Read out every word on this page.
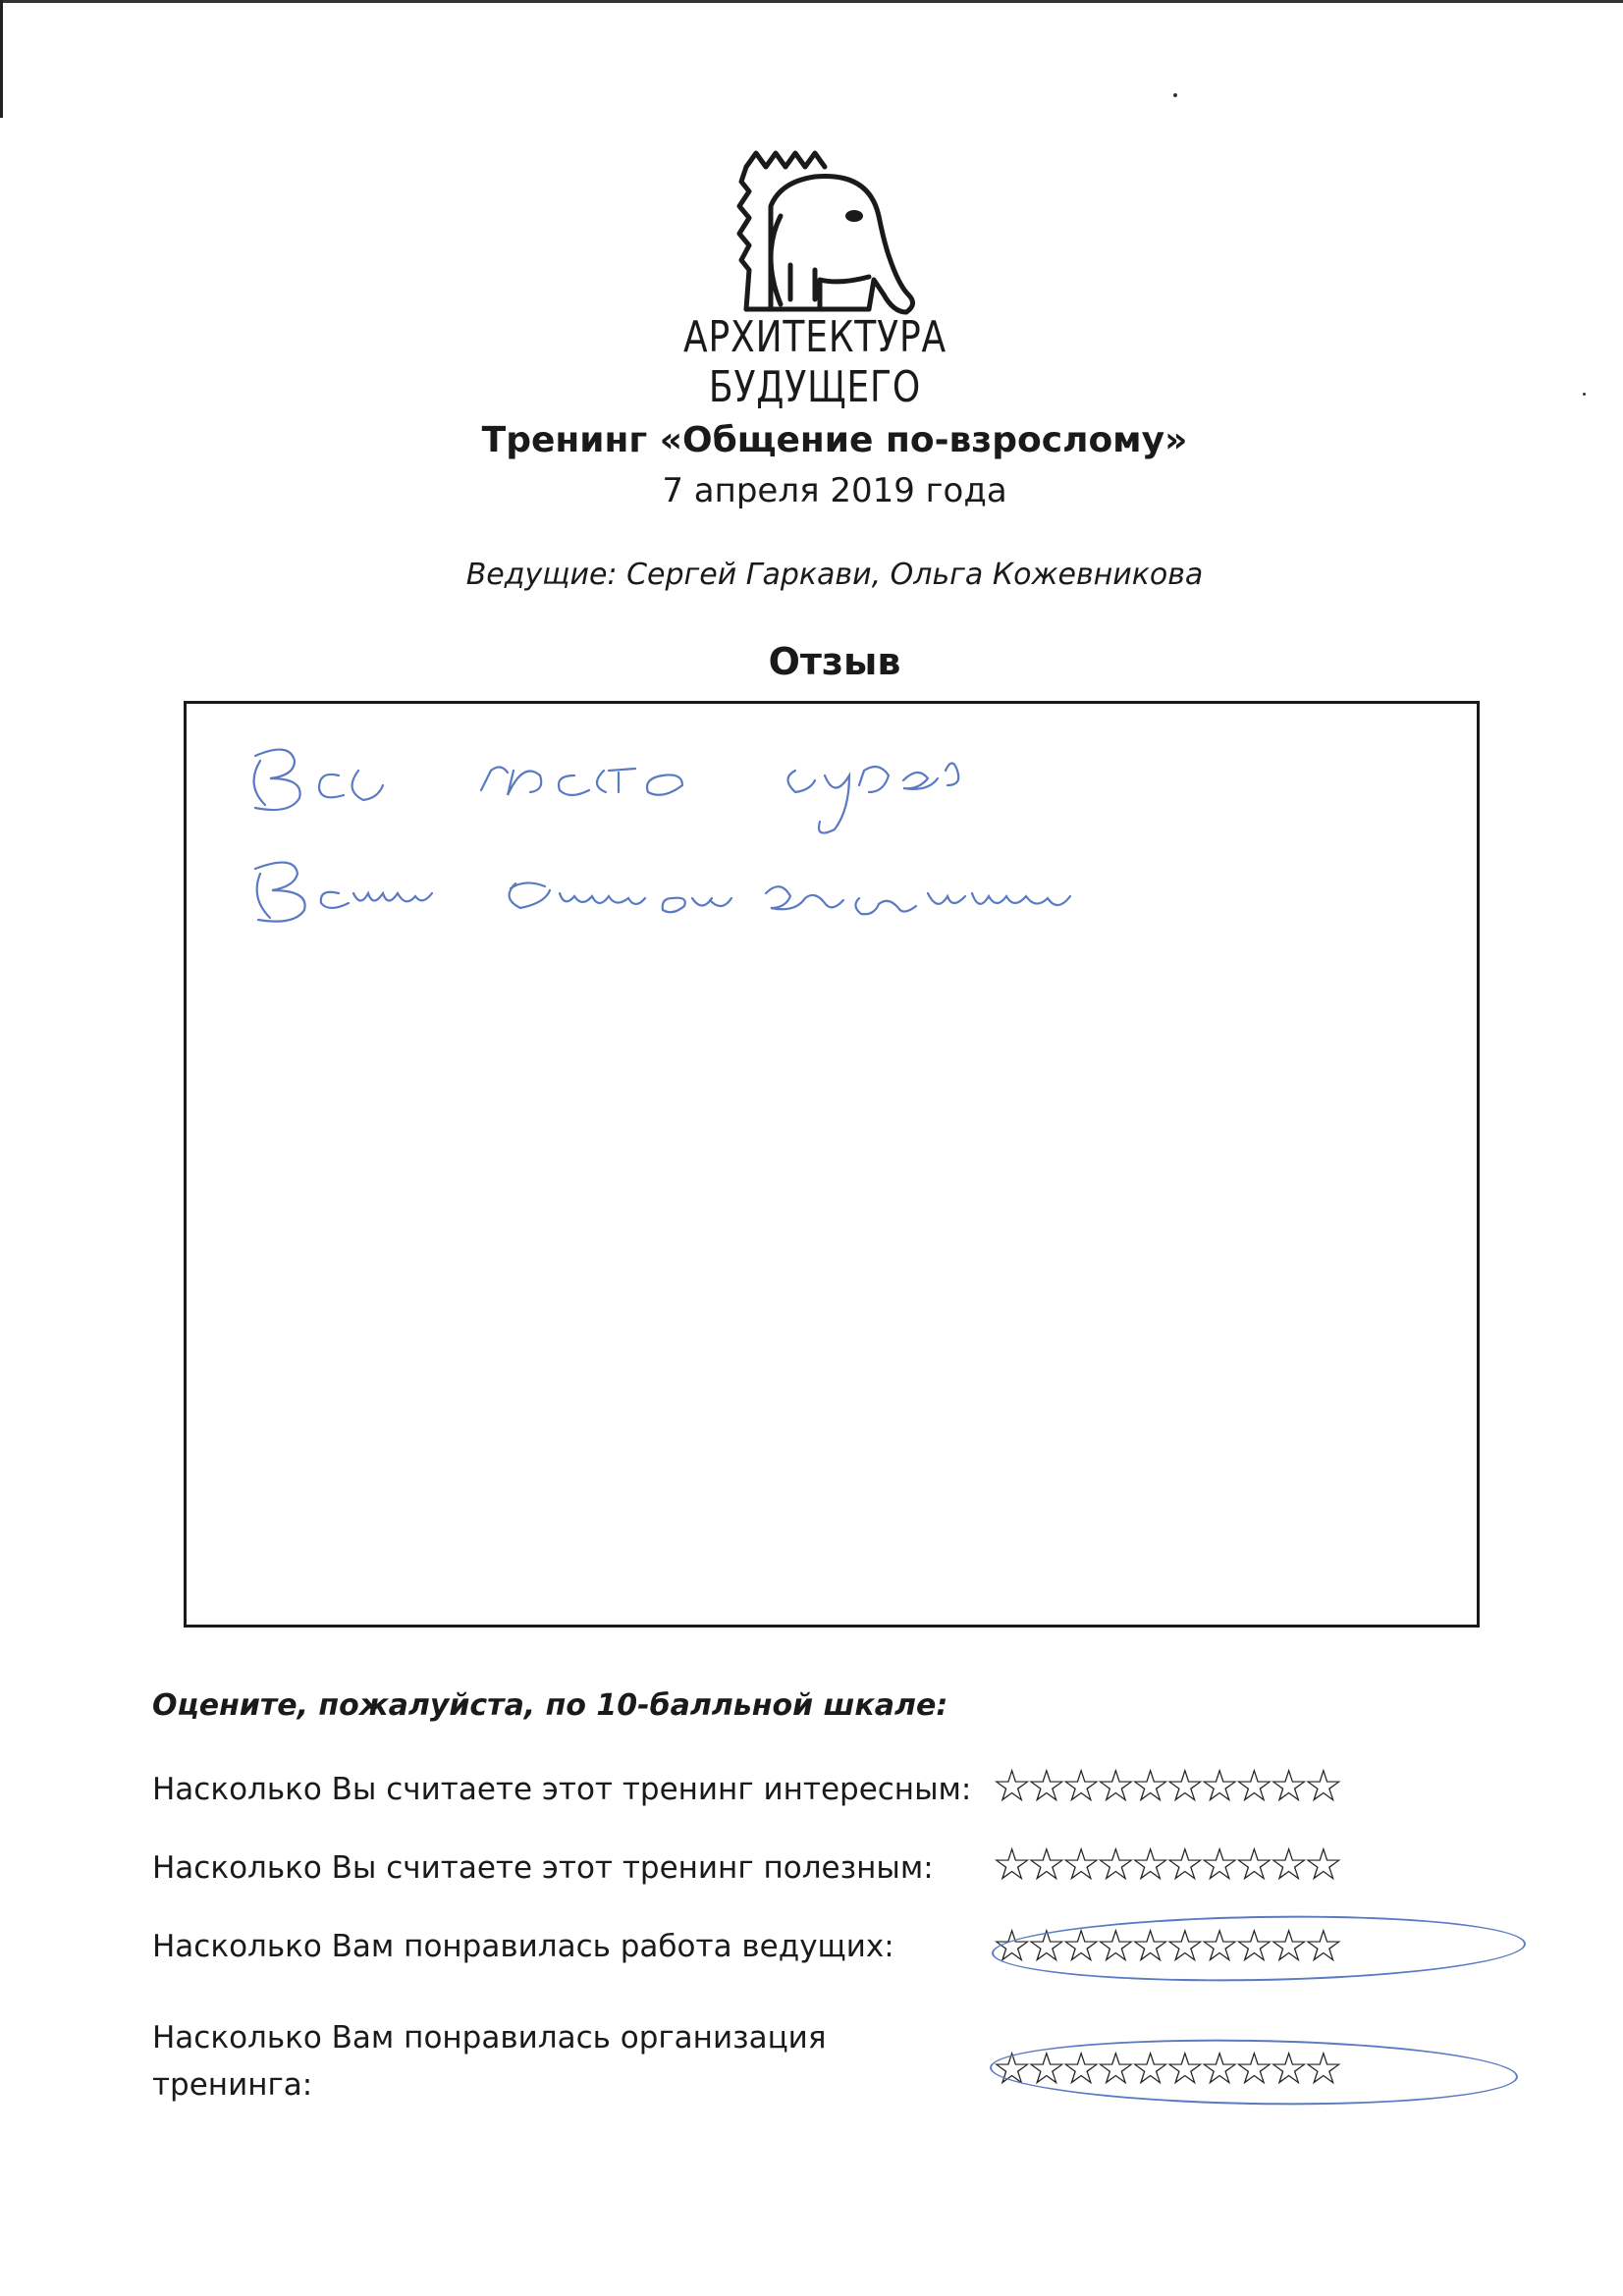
АРХИТЕКТУРА БУДУЩЕГО
Тренинг «Общение по-взрослому»
7 апреля 2019 года
Ведущие: Сергей Гаркави, Ольга Кожевникова
Отзыв
Оцените, пожалуйста, по 10-балльной шкале:
Насколько Вы считаете этот тренинг интересным: ☆☆☆☆☆☆☆☆☆☆
Насколько Вы считаете этот тренинг полезным: ☆☆☆☆☆☆☆☆☆☆
Насколько Вам понравилась работа ведущих: ☆☆☆☆☆☆☆☆☆☆
Насколько Вам понравилась организация тренинга:	☆☆☆☆☆☆☆☆☆☆
